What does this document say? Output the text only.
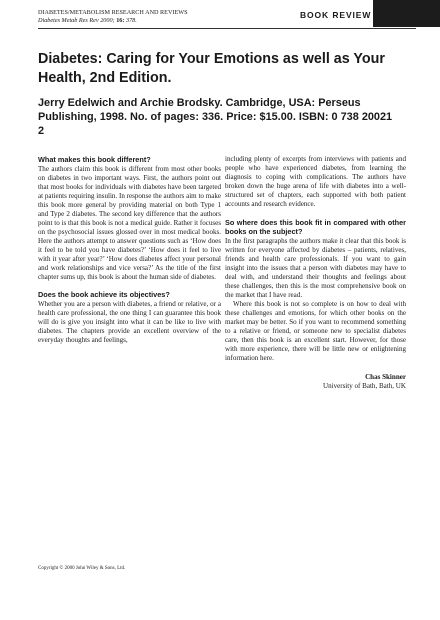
DIABETES/METABOLISM RESEARCH AND REVIEWS
Diabetes Metab Res Rev 2000; 16: 378.
BOOK REVIEW
Diabetes: Caring for Your Emotions as well as Your Health, 2nd Edition.

Jerry Edelwich and Archie Brodsky. Cambridge, USA: Perseus Publishing, 1998. No. of pages: 336. Price: $15.00. ISBN: 0 738 20021 2

What makes this book different?

The authors claim this book is different from most other books on diabetes in two important ways. First, the authors point out that most books for individuals with diabetes have been targeted at patients requiring insulin. In response the authors aim to make this book more general by providing material on both Type 1 and Type 2 diabetes. The second key difference that the authors point to is that this book is not a medical guide. Rather it focuses on the psychosocial issues glossed over in most medical books. Here the authors attempt to answer questions such as ‘How does it feel to be told you have diabetes?’ ‘How does it feel to live with it year after year?’ ‘How does diabetes affect your personal and work relationships and vice versa?’ As the title of the first chapter sums up, this book is about the human side of diabetes.

Does the book achieve its objectives?

Whether you are a person with diabetes, a friend or relative, or a health care professional, the one thing I can guarantee this book will do is give you insight into what it can be like to live with diabetes. The chapters provide an excellent overview of the everyday thoughts and feelings,

including plenty of excerpts from interviews with patients and people who have experienced diabetes, from learning the diagnosis to coping with complications. The authors have broken down the huge arena of life with diabetes into a well-structured set of chapters, each supported with both patient accounts and research evidence.

So where does this book fit in compared with other books on the subject?

In the first paragraphs the authors make it clear that this book is written for everyone affected by diabetes – patients, relatives, friends and health care professionals. If you want to gain insight into the issues that a person with diabetes may have to deal with, and understand their thoughts and feelings about these challenges, then this is the most comprehensive book on the market that I have read.

Where this book is not so complete is on how to deal with these challenges and emotions, for which other books on the market may be better. So if you want to recommend something to a relative or friend, or someone new to specialist diabetes care, then this book is an excellent start. However, for those with more experience, there will be little new or enlightening information here.

Chas Skinner
University of Bath, Bath, UK
Copyright © 2000 John Wiley & Sons, Ltd.
